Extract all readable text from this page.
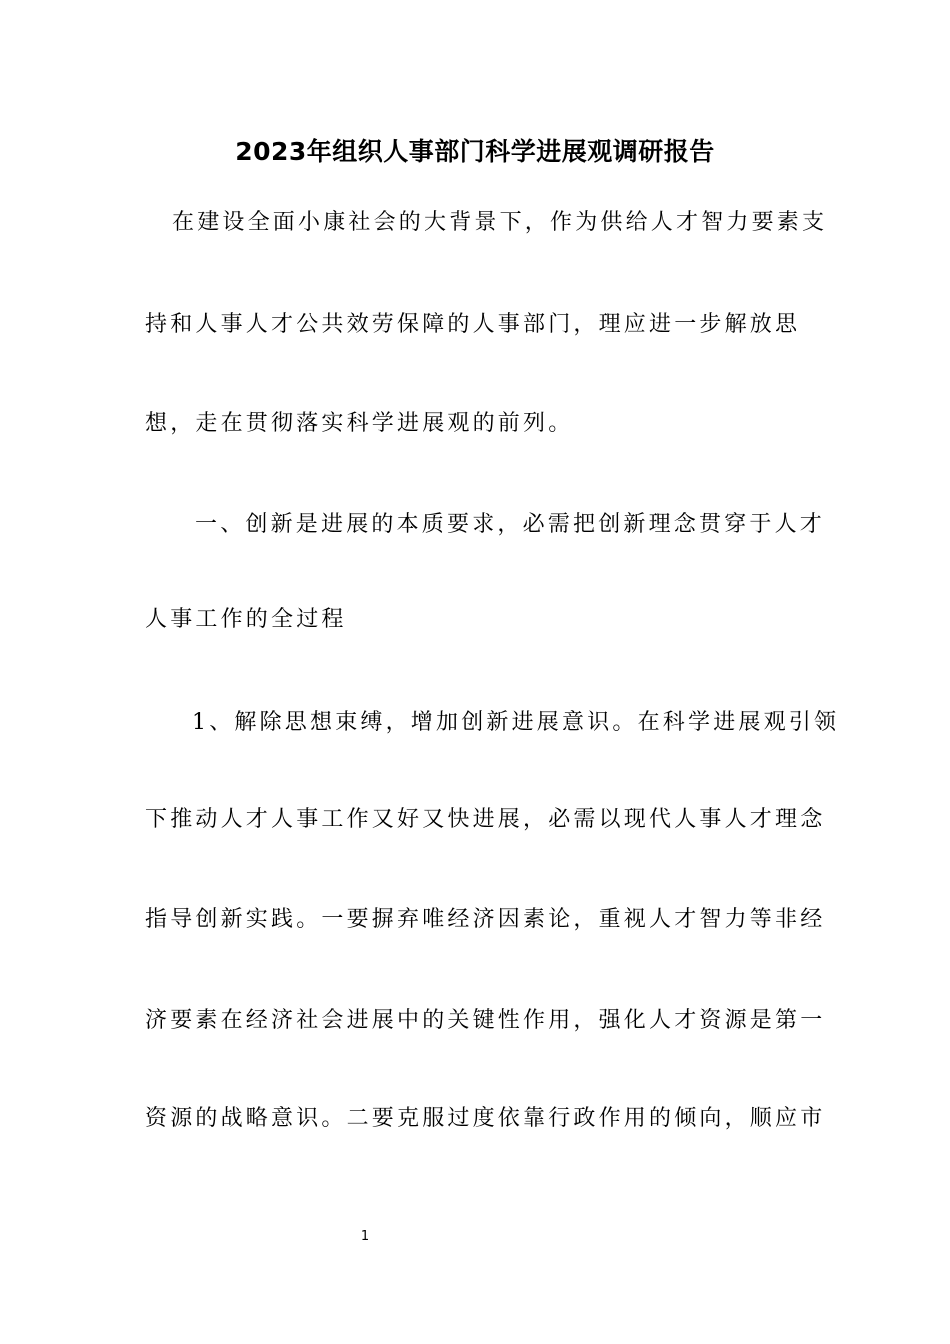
2023年组织人事部门科学进展观调研报告
在建设全面小康社会的大背景下，作为供给人才智力要素支
持和人事人才公共效劳保障的人事部门，理应进一步解放思
想，走在贯彻落实科学进展观的前列。
一、创新是进展的本质要求，必需把创新理念贯穿于人才
人事工作的全过程
1、解除思想束缚，增加创新进展意识。在科学进展观引领
下推动人才人事工作又好又快进展，必需以现代人事人才理念
指导创新实践。一要摒弃唯经济因素论，重视人才智力等非经
济要素在经济社会进展中的关键性作用，强化人才资源是第一
资源的战略意识。二要克服过度依靠行政作用的倾向，顺应市
1
